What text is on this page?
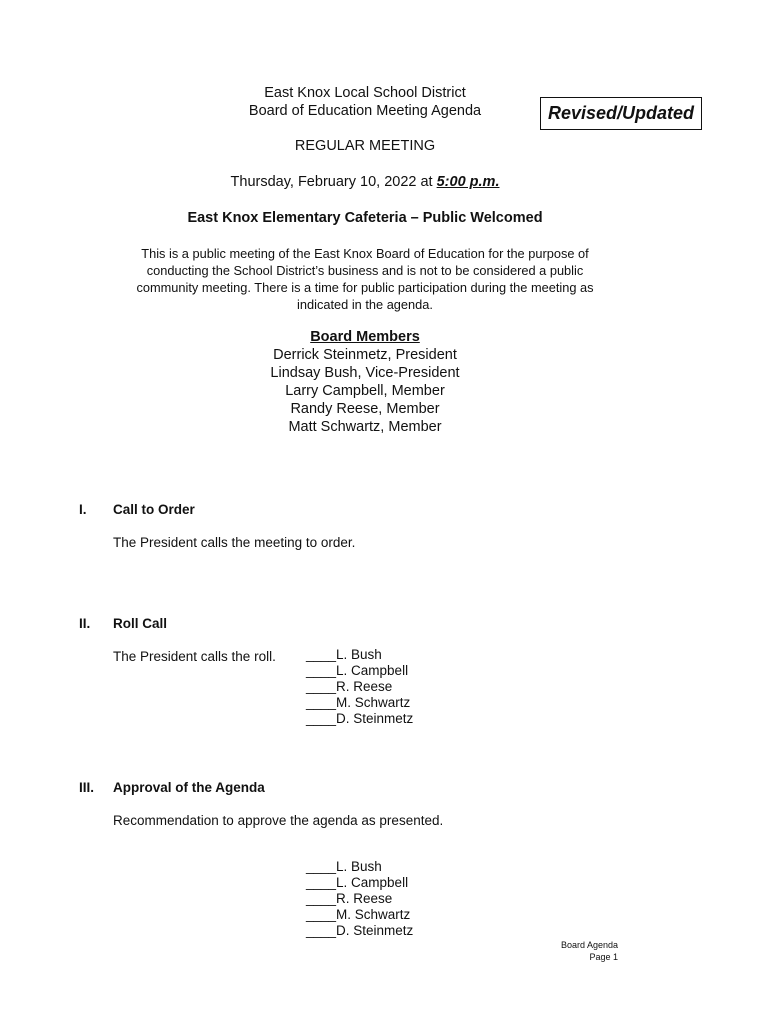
East Knox Local School District
Board of Education Meeting Agenda	Revised/Updated
REGULAR MEETING
Thursday, February 10, 2022 at 5:00 p.m.
East Knox Elementary Cafeteria – Public Welcomed
This is a public meeting of the East Knox Board of Education for the purpose of
conducting the School District’s business and is not to be considered a public
community meeting. There is a time for public participation during the meeting as
indicated in the agenda.
Board Members
Derrick Steinmetz, President
Lindsay Bush, Vice-President
Larry Campbell, Member
Randy Reese, Member
Matt Schwartz, Member
I. Call to Order
The President calls the meeting to order.
II. Roll Call
The President calls the roll. ____L. Bush
____L. Campbell
____R. Reese
____M. Schwartz
____D. Steinmetz
III. Approval of the Agenda
Recommendation to approve the agenda as presented.
____L. Bush
____L. Campbell
____R. Reese
____M. Schwartz
____D. Steinmetz
Board Agenda
Page 1
